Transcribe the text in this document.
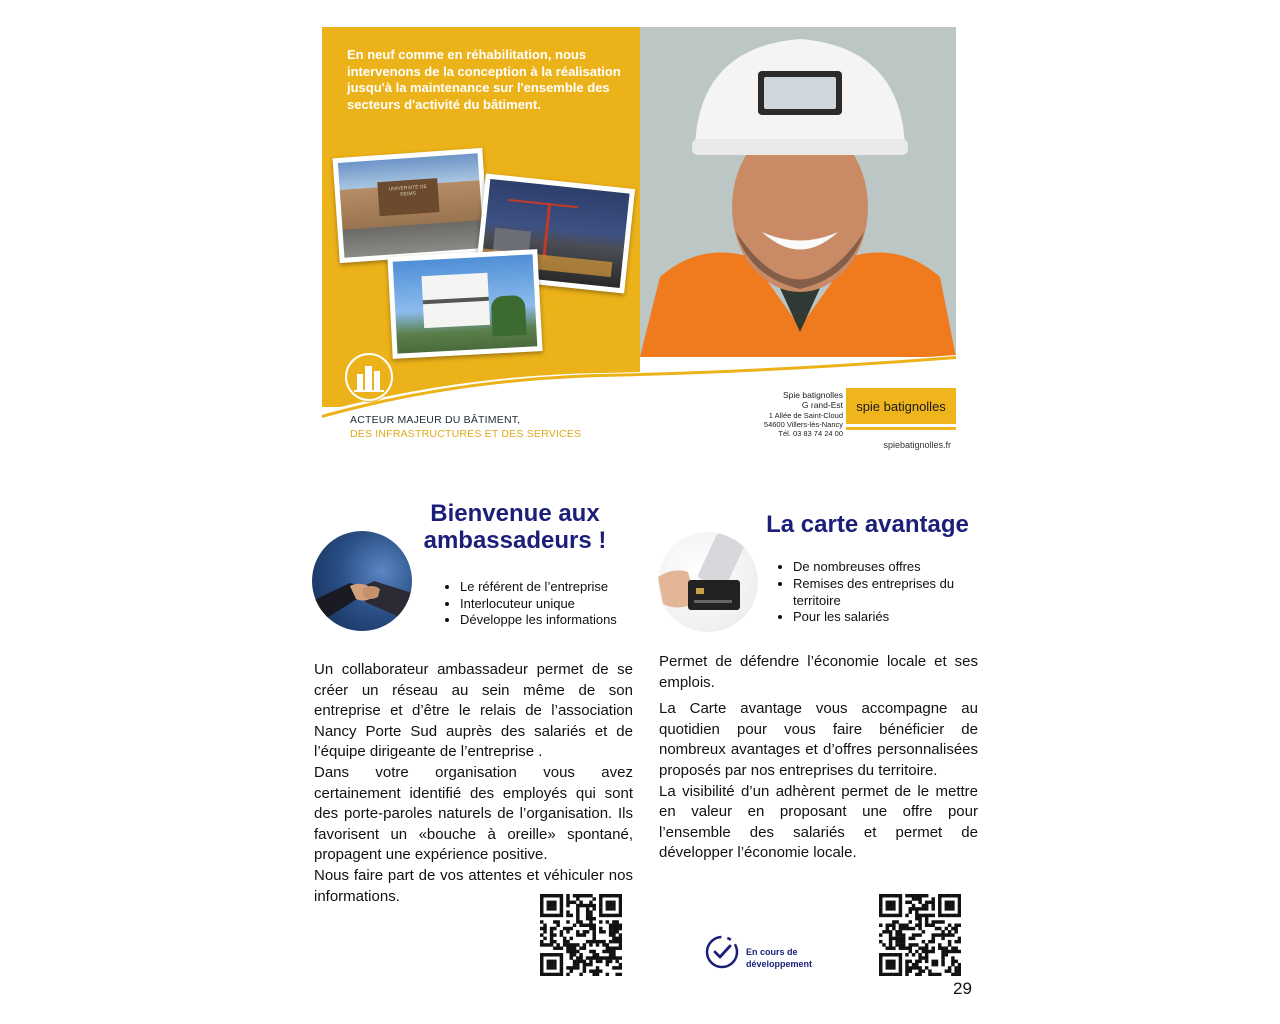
En neuf comme en réhabilitation, nous intervenons de la conception à la réalisation jusqu'à la maintenance sur l'ensemble des secteurs d'activité du bâtiment.
UNIVERSITÉ DE REIMS
ACTEUR MAJEUR DU BÂTIMENT,
DES INFRASTRUCTURES ET DES SERVICES
Spie batignolles
G rand-Est
1 Allée de Saint-Cloud
54600 Villers-lès-Nancy
Tél. 03 83 74 24 00
spie batignolles
spiebatignolles.fr
Bienvenue aux ambassadeurs !
• Le référent de l’entreprise
• Interlocuteur unique
• Développe les informations

Un collaborateur ambassadeur permet de se créer un réseau au sein même de son entreprise et d’être le relais de l’association Nancy Porte Sud auprès des salariés et de l’équipe dirigeante de l’entreprise .

Dans votre organisation vous avez certainement identifié des employés qui sont des porte-paroles naturels de l’organisation. Ils favorisent un «bouche à oreille» spontané, propagent une expérience positive.

Nous faire part de vos attentes et véhiculer nos informations.

La carte avantage
• De nombreuses offres
• Remises des entreprises du territoire
• Pour les salariés

Permet de défendre l’économie locale et ses emplois.

La Carte avantage vous accompagne au quotidien pour vous faire bénéficier de nombreux avantages et d’offres personnalisées proposés par nos entreprises du territoire.

La visibilité d’un adhèrent permet de le mettre en valeur en proposant une offre pour l’ensemble des salariés et permet de développer l’économie locale.

En cours de
développement
29
